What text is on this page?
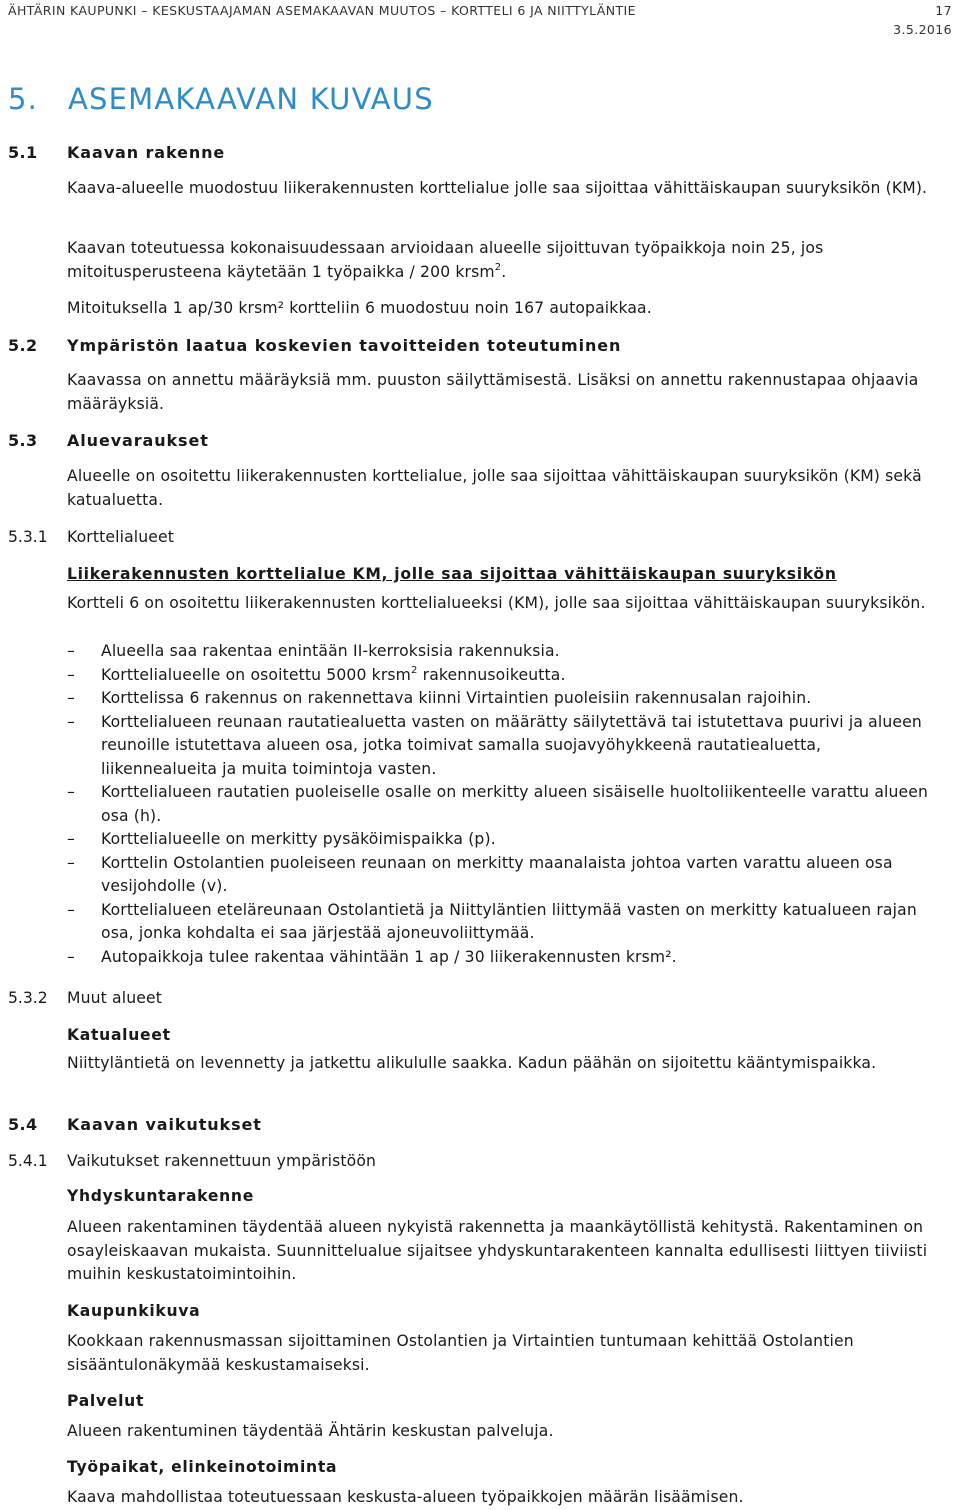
ÄHTÄRIN KAUPUNKI – KESKUSTAAJAMAN ASEMAKAAVAN MUUTOS – KORTTELI 6 JA NIITTYLÄNTIE	17
3.5.2016
5. ASEMAKAAVAN KUVAUS
5.1 Kaavan rakenne
Kaava-alueelle muodostuu liikerakennusten korttelialue jolle saa sijoittaa vähittäiskaupan suuryksikön (KM).
Kaavan toteutuessa kokonaisuudessaan arvioidaan alueelle sijoittuvan työpaikkoja noin 25, jos mitoitusperusteena käytetään 1 työpaikka / 200 krsm$^2$.
Mitoituksella 1 ap/30 krsm² kortteliin 6 muodostuu noin 167 autopaikkaa.
5.2 Ympäristön laatua koskevien tavoitteiden toteutuminen
Kaavassa on annettu määräyksiä mm. puuston säilyttämisestä. Lisäksi on annettu rakennustapaa ohjaavia määräyksiä.
5.3 Aluevaraukset
Alueelle on osoitettu liikerakennusten korttelialue, jolle saa sijoittaa vähittäiskaupan suuryksikön (KM) sekä katualuetta.
5.3.1 Korttelialueet
Liikerakennusten korttelialue KM, jolle saa sijoittaa vähittäiskaupan suuryksikön
Kortteli 6 on osoitettu liikerakennusten korttelialueeksi (KM), jolle saa sijoittaa vähittäiskaupan suuryksikön.
–	Alueella saa rakentaa enintään II-kerroksisia rakennuksia.
–	Korttelialueelle on osoitettu 5000 krsm$^2$ rakennusoikeutta.
–	Korttelissa 6 rakennus on rakennettava kiinni Virtaintien puoleisiin rakennusalan rajoihin.
–	Korttelialueen reunaan rautatiealuetta vasten on määrätty säilytettävä tai istutettava puurivi ja alueen reunoille istutettava alueen osa, jotka toimivat samalla suojavyöhykkeenä rautatiealuetta, liikennealueita ja muita toimintoja vasten.
–	Korttelialueen rautatien puoleiselle osalle on merkitty alueen sisäiselle huoltoliikenteelle varattu alueen osa (h).
–	Korttelialueelle on merkitty pysäköimispaikka (p).
–	Korttelin Ostolantien puoleiseen reunaan on merkitty maanalaista johtoa varten varattu alueen osa vesijohdolle (v).
–	Korttelialueen eteläreunaan Ostolantietä ja Niittyläntien liittymää vasten on merkitty katualueen rajan osa, jonka kohdalta ei saa järjestää ajoneuvoliittymää.
–	Autopaikkoja tulee rakentaa vähintään 1 ap / 30 liikerakennusten krsm².
5.3.2 Muut alueet
Katualueet
Niittyläntietä on levennetty ja jatkettu alikululle saakka. Kadun päähän on sijoitettu kääntymispaikka.
5.4 Kaavan vaikutukset
5.4.1 Vaikutukset rakennettuun ympäristöön
Yhdyskuntarakenne
Alueen rakentaminen täydentää alueen nykyistä rakennetta ja maankäytöllistä kehitystä. Rakentaminen on osayleiskaavan mukaista. Suunnittelualue sijaitsee yhdyskuntarakenteen kannalta edullisesti liittyen tiiviisti muihin keskustatoimintoihin.
Kaupunkikuva
Kookkaan rakennusmassan sijoittaminen Ostolantien ja Virtaintien tuntumaan kehittää Ostolantien sisääntulonäkymää keskustamaiseksi.
Palvelut
Alueen rakentuminen täydentää Ähtärin keskustan palveluja.
Työpaikat, elinkeinotoiminta
Kaava mahdollistaa toteutuessaan keskusta-alueen työpaikkojen määrän lisäämisen.
